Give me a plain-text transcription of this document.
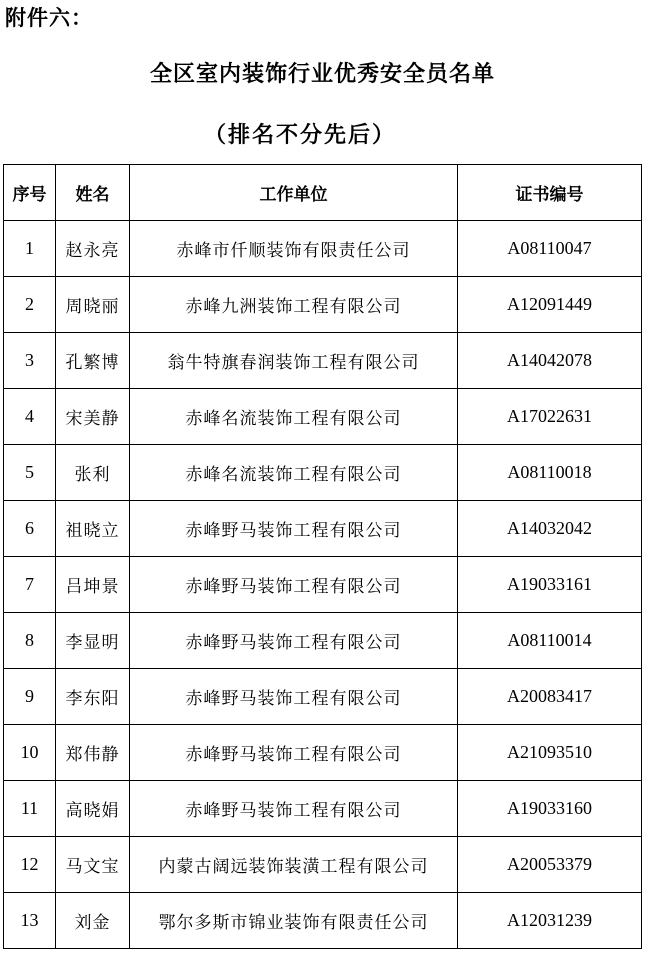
附件六：
全区室内装饰行业优秀安全员名单
（排名不分先后）
序号	姓名	工作单位	证书编号
1	赵永亮	赤峰市仟顺装饰有限责任公司	A08110047
2	周晓丽	赤峰九洲装饰工程有限公司	A12091449
3	孔繁博	翁牛特旗春润装饰工程有限公司	A14042078
4	宋美静	赤峰名流装饰工程有限公司	A17022631
5	张利	赤峰名流装饰工程有限公司	A08110018
6	祖晓立	赤峰野马装饰工程有限公司	A14032042
7	吕坤景	赤峰野马装饰工程有限公司	A19033161
8	李显明	赤峰野马装饰工程有限公司	A08110014
9	李东阳	赤峰野马装饰工程有限公司	A20083417
10	郑伟静	赤峰野马装饰工程有限公司	A21093510
11	高晓娟	赤峰野马装饰工程有限公司	A19033160
12	马文宝	内蒙古阔远装饰装潢工程有限公司	A20053379
13	刘金	鄂尔多斯市锦业装饰有限责任公司	A12031239
